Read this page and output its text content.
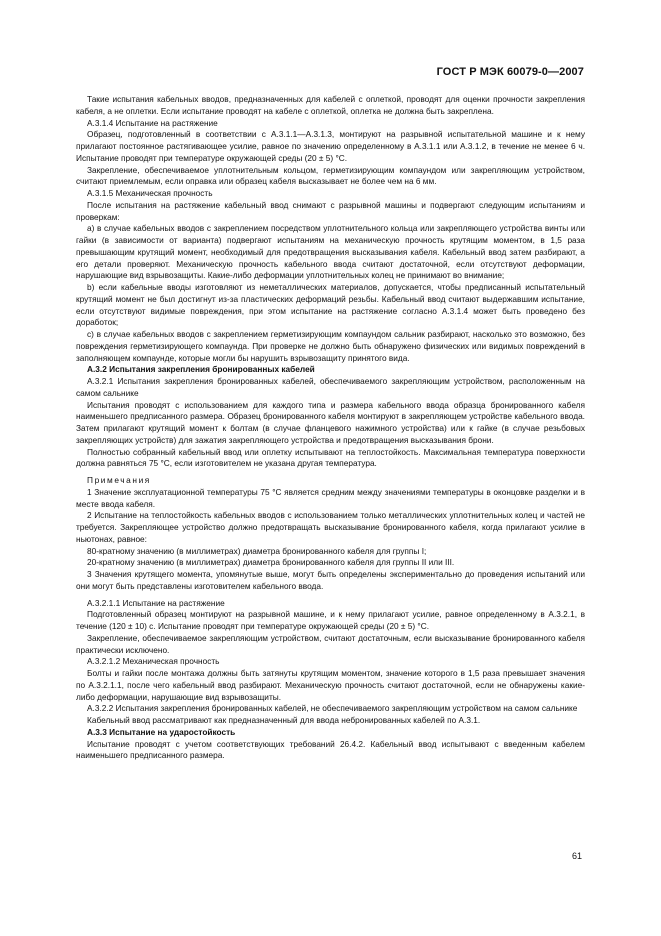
ГОСТ Р МЭК 60079-0—2007

Такие испытания кабельных вводов, предназначенных для кабелей с оплеткой, проводят для оценки прочности закрепления кабеля, а не оплетки. Если испытание проводят на кабеле с оплеткой, оплетка не должна быть закреплена.

А.3.1.4 Испытание на растяжение

Образец, подготовленный в соответствии с А.3.1.1—А.3.1.3, монтируют на разрывной испытательной машине и к нему прилагают постоянное растягивающее усилие, равное по значению определенному в А.3.1.1 или А.3.1.2, в течение не менее 6 ч. Испытание проводят при температуре окружающей среды (20 ± 5) °С.

Закрепление, обеспечиваемое уплотнительным кольцом, герметизирующим компаундом или закрепляющим устройством, считают приемлемым, если оправка или образец кабеля высказывает не более чем на 6 мм.

А.3.1.5 Механическая прочность

После испытания на растяжение кабельный ввод снимают с разрывной машины и подвергают следующим испытаниям и проверкам:

а) в случае кабельных вводов с закреплением посредством уплотнительного кольца или закрепляющего устройства винты или гайки (в зависимости от варианта) подвергают испытаниям на механическую прочность крутящим моментом, в 1,5 раза превышающим крутящий момент, необходимый для предотвращения высказывания кабеля. Кабельный ввод затем разбирают, а его детали проверяют. Механическую прочность кабельного ввода считают достаточной, если отсутствуют деформации, нарушающие вид взрывозащиты. Какие-либо деформации уплотнительных колец не принимают во внимание;

b) если кабельные вводы изготовляют из неметаллических материалов, допускается, чтобы предписанный испытательный крутящий момент не был достигнут из-за пластических деформаций резьбы. Кабельный ввод считают выдержавшим испытание, если отсутствуют видимые повреждения, при этом испытание на растяжение согласно А.3.1.4 может быть проведено без доработок;

с) в случае кабельных вводов с закреплением герметизирующим компаундом сальник разбирают, насколько это возможно, без повреждения герметизирующего компаунда. При проверке не должно быть обнаружено физических или видимых повреждений в заполняющем компаунде, которые могли бы нарушить взрывозащиту принятого вида.

А.3.2 Испытания закрепления бронированных кабелей

А.3.2.1 Испытания закрепления бронированных кабелей, обеспечиваемого закрепляющим устройством, расположенным на самом сальнике

Испытания проводят с использованием для каждого типа и размера кабельного ввода образца бронированного кабеля наименьшего предписанного размера. Образец бронированного кабеля монтируют в закрепляющем устройстве кабельного ввода. Затем прилагают крутящий момент к болтам (в случае фланцевого нажимного устройства) или к гайке (в случае резьбовых закрепляющих устройств) для зажатия закрепляющего устройства и предотвращения высказывания брони.

Полностью собранный кабельный ввод или оплетку испытывают на теплостойкость. Максимальная температура поверхности должна равняться 75 °С, если изготовителем не указана другая температура.

Примечания

1 Значение эксплуатационной температуры 75 °С является средним между значениями температуры в оконцовке разделки и в месте ввода кабеля.

2 Испытание на теплостойкость кабельных вводов с использованием только металлических уплотнительных колец и частей не требуется. Закрепляющее устройство должно предотвращать высказывание бронированного кабеля, когда прилагают усилие в ньютонах, равное:

80-кратному значению (в миллиметрах) диаметра бронированного кабеля для группы I;

20-кратному значению (в миллиметрах) диаметра бронированного кабеля для группы II или III.

3 Значения крутящего момента, упомянутые выше, могут быть определены экспериментально до проведения испытаний или они могут быть представлены изготовителем кабельного ввода.

А.3.2.1.1 Испытание на растяжение

Подготовленный образец монтируют на разрывной машине, и к нему прилагают усилие, равное определенному в А.3.2.1, в течение (120 ± 10) с. Испытание проводят при температуре окружающей среды (20 ± 5) °С.

Закрепление, обеспечиваемое закрепляющим устройством, считают достаточным, если высказывание бронированного кабеля практически исключено.

А.3.2.1.2 Механическая прочность

Болты и гайки после монтажа должны быть затянуты крутящим моментом, значение которого в 1,5 раза превышает значения по А.3.2.1.1, после чего кабельный ввод разбирают. Механическую прочность считают достаточной, если не обнаружены какие-либо деформации, нарушающие вид взрывозащиты.

А.3.2.2 Испытания закрепления бронированных кабелей, не обеспечиваемого закрепляющим устройством на самом сальнике

Кабельный ввод рассматривают как предназначенный для ввода небронированных кабелей по А.3.1.

А.3.3 Испытание на ударостойкость

Испытание проводят с учетом соответствующих требований 26.4.2. Кабельный ввод испытывают с введенным кабелем наименьшего предписанного размера.

61
